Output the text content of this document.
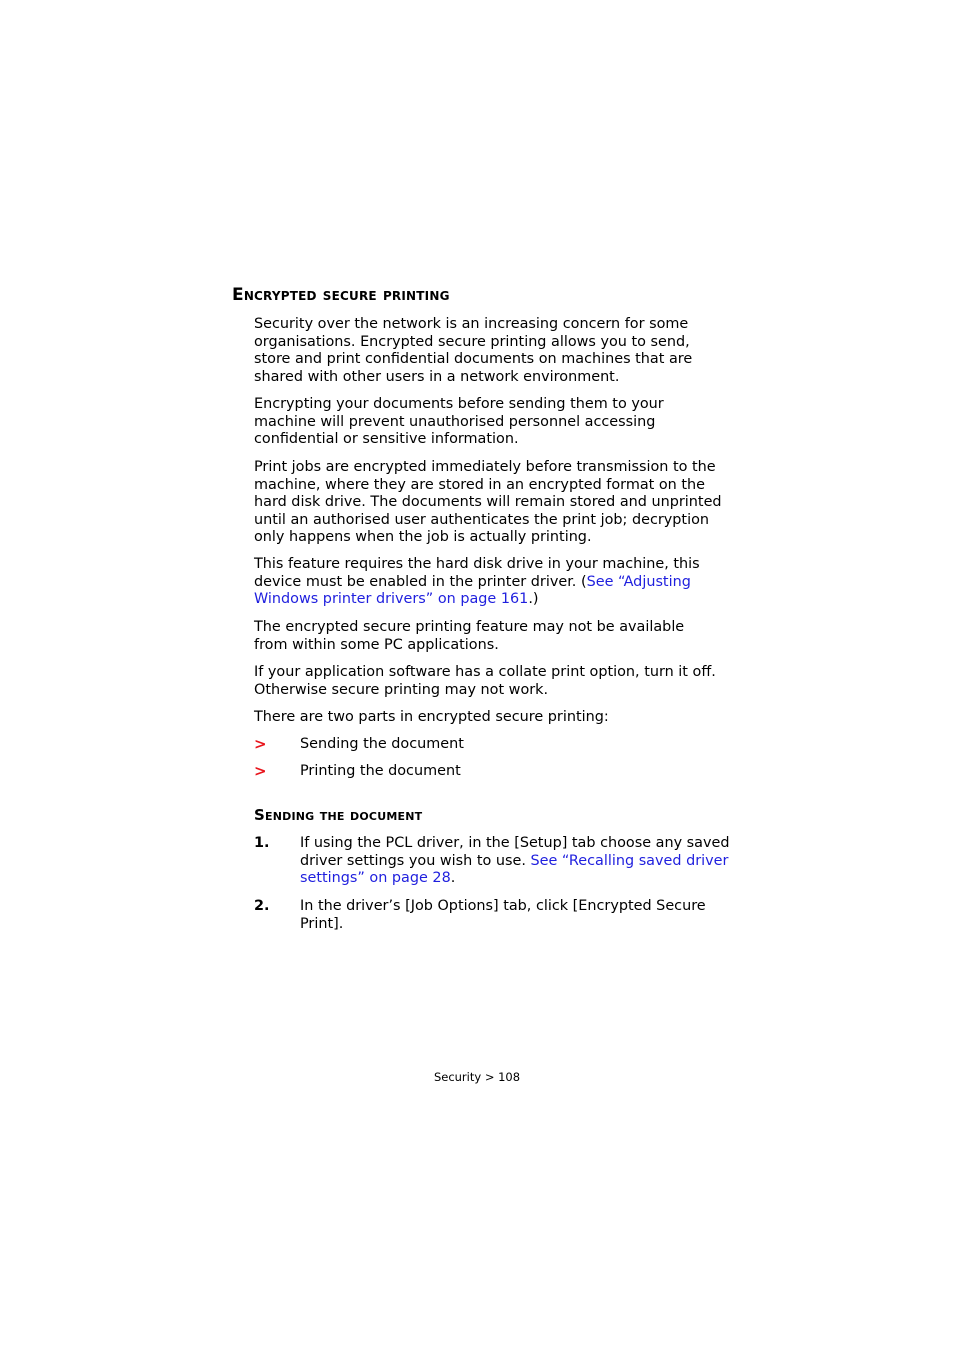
Encrypted secure printing

Security over the network is an increasing concern for some organisations. Encrypted secure printing allows you to send, store and print confidential documents on machines that are shared with other users in a network environment.

Encrypting your documents before sending them to your machine will prevent unauthorised personnel accessing confidential or sensitive information.

Print jobs are encrypted immediately before transmission to the machine, where they are stored in an encrypted format on the hard disk drive. The documents will remain stored and unprinted until an authorised user authenticates the print job; decryption only happens when the job is actually printing.

This feature requires the hard disk drive in your machine, this device must be enabled in the printer driver. (See “Adjusting Windows printer drivers” on page 161.)

The encrypted secure printing feature may not be available from within some PC applications.

If your application software has a collate print option, turn it off. Otherwise secure printing may not work.

There are two parts in encrypted secure printing:

> Sending the document
> Printing the document
Sending the document
1. If using the PCL driver, in the [Setup] tab choose any saved driver settings you wish to use. See “Recalling saved driver settings” on page 28.
2. In the driver’s [Job Options] tab, click [Encrypted Secure Print].
Security > 108
